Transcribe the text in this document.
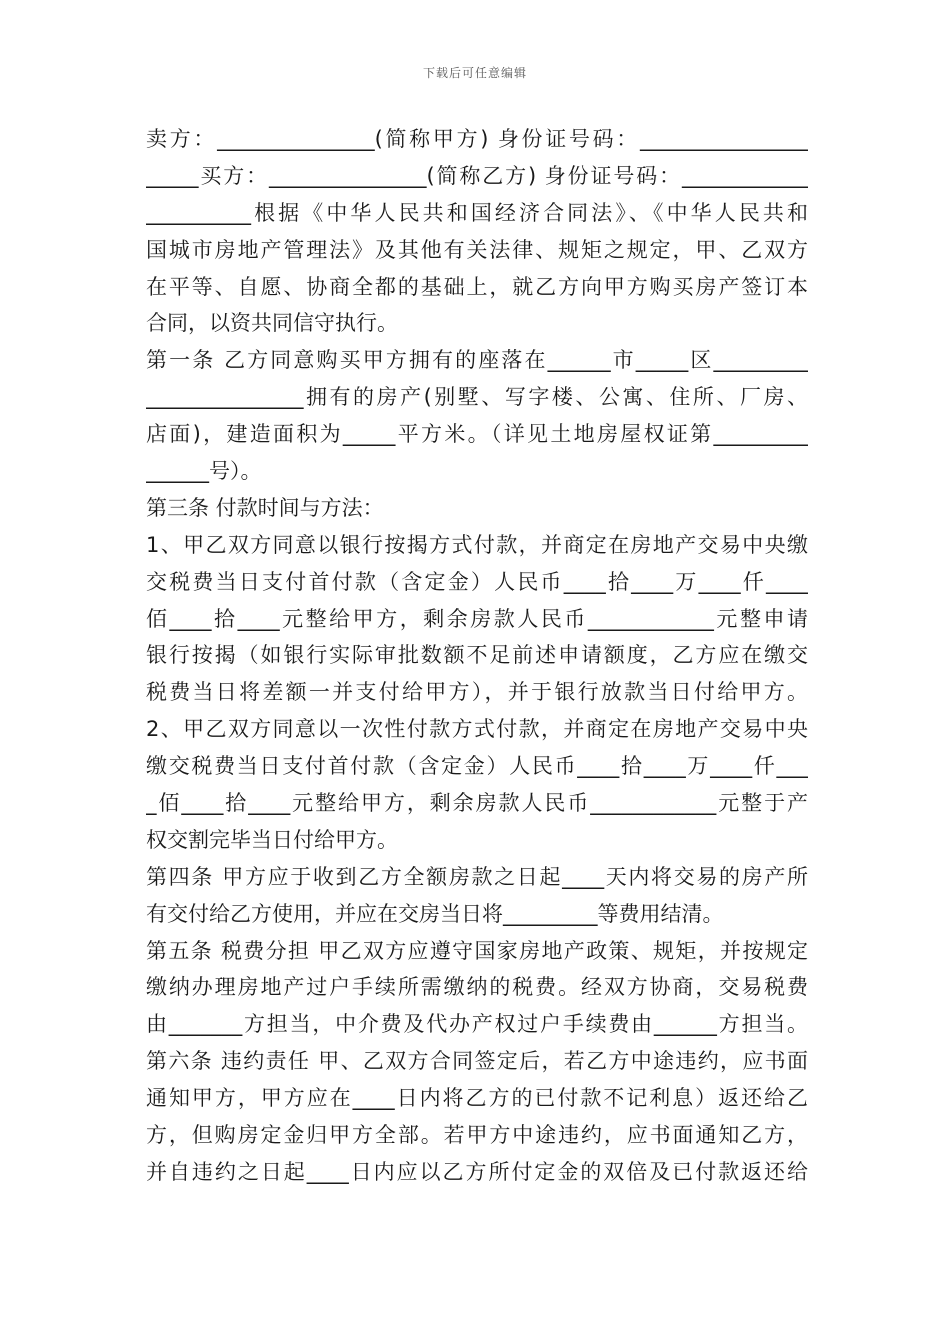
下载后可任意编辑
卖方：_______________(简称甲方) 身份证号码：________________
_____买方：_______________(简称乙方) 身份证号码：____________
__________根据《中华人民共和国经济合同法》、《中华人民共和
国城市房地产管理法》及其他有关法律、规矩之规定，甲、乙双方
在平等、自愿、协商全都的基础上，就乙方向甲方购买房产签订本
合同，以资共同信守执行。
第一条 乙方同意购买甲方拥有的座落在______市_____区_________
_______________拥有的房产(别墅、写字楼、公寓、住所、厂房、
店面)，建造面积为_____平方米。（详见土地房屋权证第_________
______号）。
第三条 付款时间与方法：
1、甲乙双方同意以银行按揭方式付款，并商定在房地产交易中央缴
交税费当日支付首付款（含定金）人民币____拾____万____仟____
佰____拾____元整给甲方，剩余房款人民币____________元整申请
银行按揭（如银行实际审批数额不足前述申请额度，乙方应在缴交
税费当日将差额一并支付给甲方），并于银行放款当日付给甲方。
2、甲乙双方同意以一次性付款方式付款，并商定在房地产交易中央
缴交税费当日支付首付款（含定金）人民币____拾____万____仟___
_佰____拾____元整给甲方，剩余房款人民币____________元整于产
权交割完毕当日付给甲方。
第四条 甲方应于收到乙方全额房款之日起____天内将交易的房产所
有交付给乙方使用，并应在交房当日将_________等费用结清。
第五条 税费分担 甲乙双方应遵守国家房地产政策、规矩，并按规定
缴纳办理房地产过户手续所需缴纳的税费。经双方协商，交易税费
由_______方担当，中介费及代办产权过户手续费由______方担当。
第六条 违约责任 甲、乙双方合同签定后，若乙方中途违约，应书面
通知甲方，甲方应在____日内将乙方的已付款不记利息）返还给乙
方，但购房定金归甲方全部。若甲方中途违约，应书面通知乙方，
并自违约之日起____日内应以乙方所付定金的双倍及已付款返还给
